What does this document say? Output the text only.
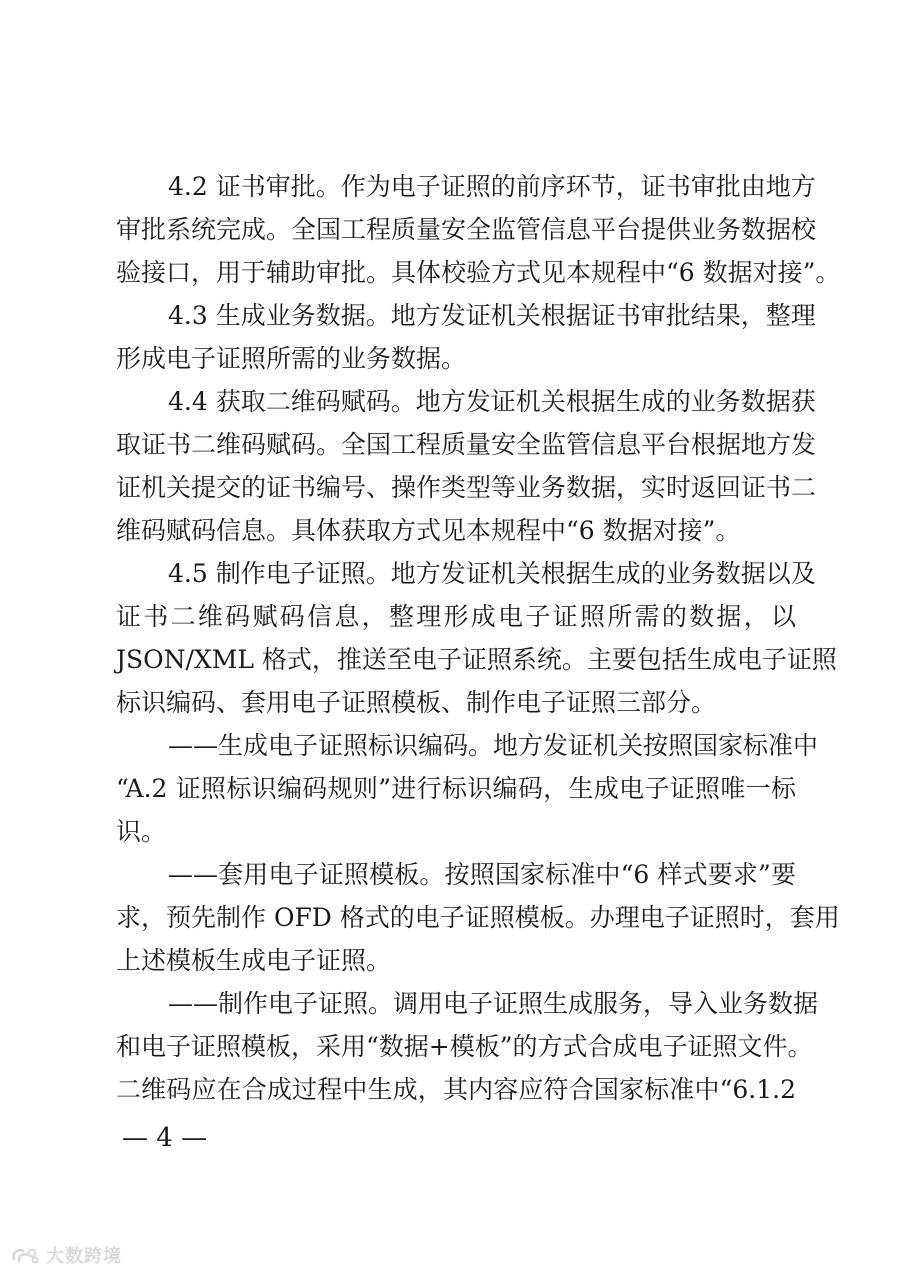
4.2 证书审批。作为电子证照的前序环节，证书审批由地方
审批系统完成。全国工程质量安全监管信息平台提供业务数据校
验接口，用于辅助审批。具体校验方式见本规程中“6 数据对接”。
4.3 生成业务数据。地方发证机关根据证书审批结果，整理
形成电子证照所需的业务数据。
4.4 获取二维码赋码。地方发证机关根据生成的业务数据获
取证书二维码赋码。全国工程质量安全监管信息平台根据地方发
证机关提交的证书编号、操作类型等业务数据，实时返回证书二
维码赋码信息。具体获取方式见本规程中“6 数据对接”。
4.5 制作电子证照。地方发证机关根据生成的业务数据以及
证书二维码赋码信息，整理形成电子证照所需的数据，以
JSON/XML 格式，推送至电子证照系统。主要包括生成电子证照
标识编码、套用电子证照模板、制作电子证照三部分。
——生成电子证照标识编码。地方发证机关按照国家标准中
“A.2 证照标识编码规则”进行标识编码，生成电子证照唯一标
识。
——套用电子证照模板。按照国家标准中“6 样式要求”要
求，预先制作 OFD 格式的电子证照模板。办理电子证照时，套用
上述模板生成电子证照。
——制作电子证照。调用电子证照生成服务，导入业务数据
和电子证照模板，采用“数据+模板”的方式合成电子证照文件。
二维码应在合成过程中生成，其内容应符合国家标准中“6.1.2
— 4 —
大数跨境
